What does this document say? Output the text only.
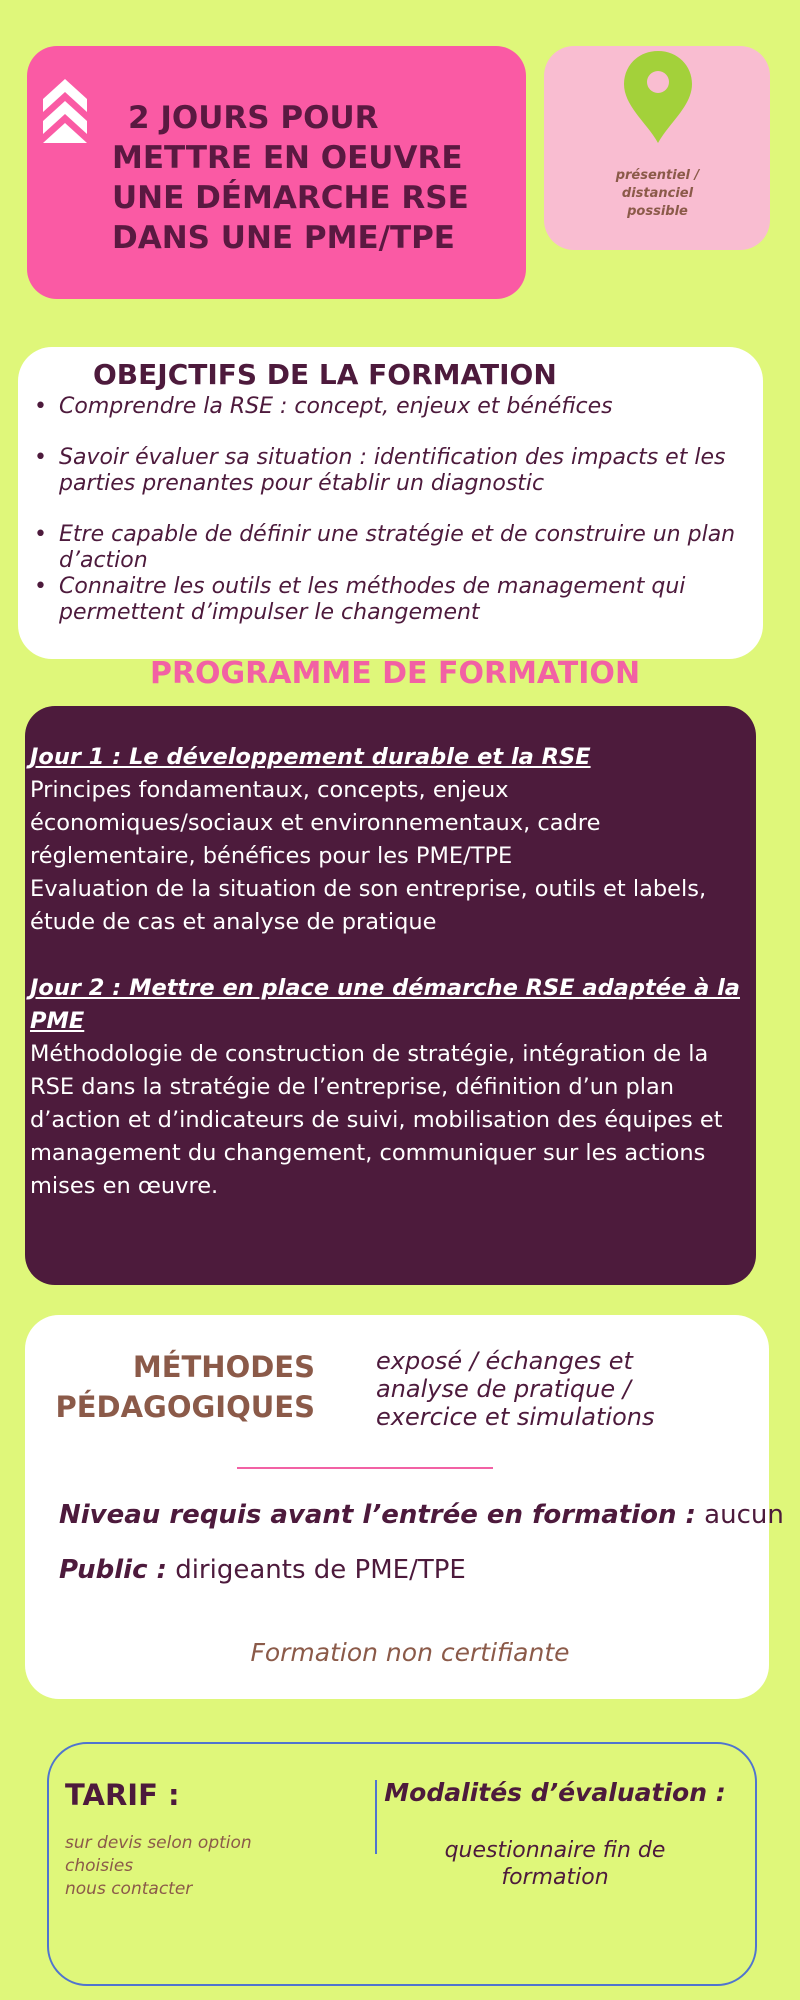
2 JOURS POUR
METTRE EN OEUVRE
UNE DÉMARCHE RSE
DANS UNE PME/TPE
présentiel /
distanciel
possible
OBEJCTIFS DE LA FORMATION
• Comprendre la RSE : concept, enjeux et bénéfices
• Savoir évaluer sa situation : identification des impacts et les parties prenantes pour établir un diagnostic
• Etre capable de définir une stratégie et de construire un plan d’action
• Connaitre les outils et les méthodes de management qui permettent d’impulser le changement
PROGRAMME DE FORMATION

Jour 1 : Le développement durable et la RSE

Principes fondamentaux, concepts, enjeux économiques/sociaux et environnementaux, cadre réglementaire, bénéfices pour les PME/TPE

Evaluation de la situation de son entreprise, outils et labels, étude de cas et analyse de pratique

Jour 2 : Mettre en place une démarche RSE adaptée à la PME

Méthodologie de construction de stratégie, intégration de la RSE dans la stratégie de l’entreprise, définition d’un plan d’action et d’indicateurs de suivi, mobilisation des équipes et management du changement, communiquer sur les actions mises en œuvre.

MÉTHODES
PÉDAGOGIQUES
exposé / échanges et
analyse de pratique /
exercice et simulations
Niveau requis avant l’entrée en formation : aucun
Public : dirigeants de PME/TPE
Formation non certifiante
TARIF :
sur devis selon option
choisies
nous contacter
Modalités d’évaluation :
questionnaire fin de
formation
